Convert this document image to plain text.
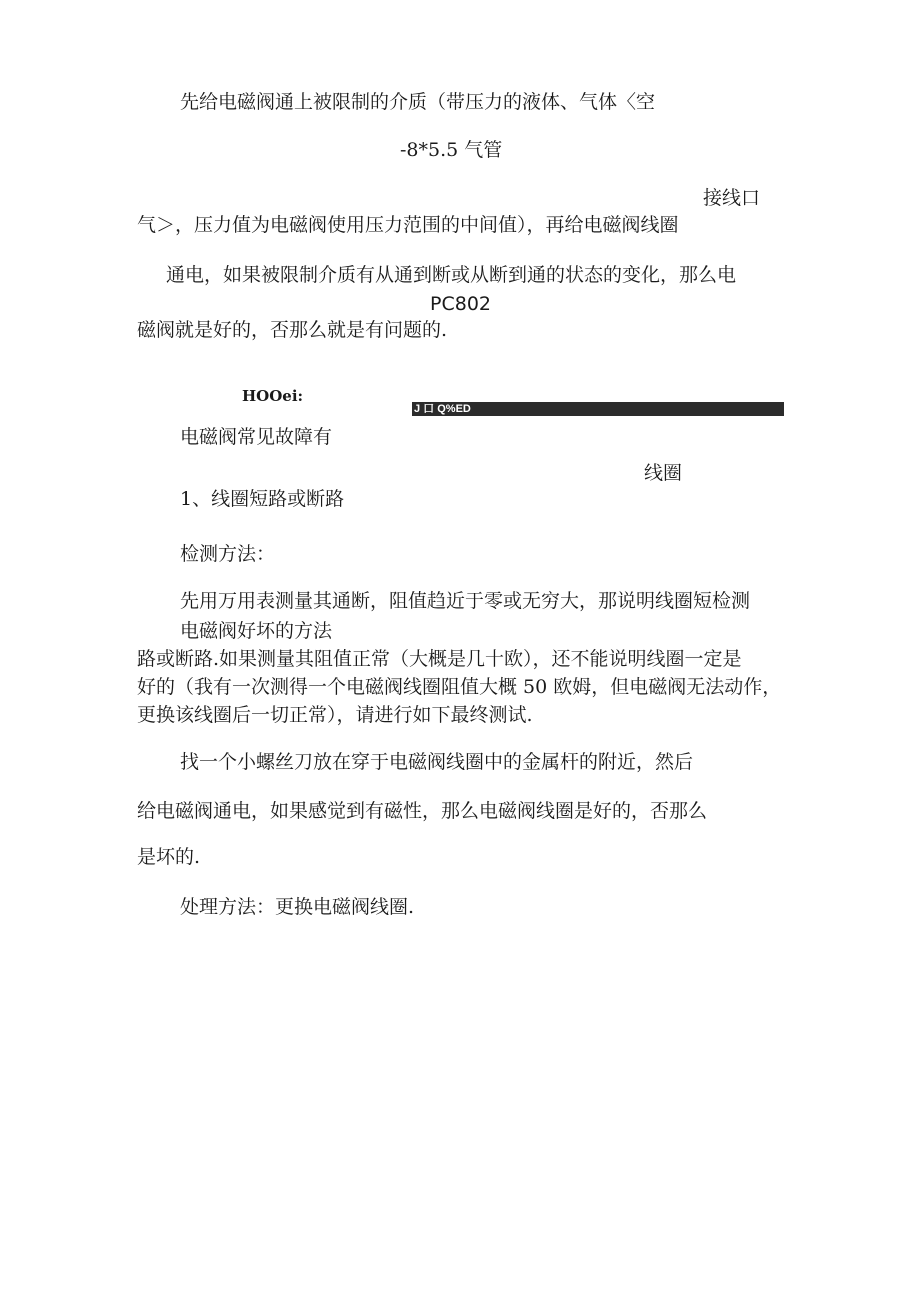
先给电磁阀通上被限制的介质（带压力的液体、气体〈空
-8*5.5 气管
接线口
气＞，压力值为电磁阀使用压力范围的中间值），再给电磁阀线圈
通电，如果被限制介质有从通到断或从断到通的状态的变化，那么电
PC802
磁阀就是好的，否那么就是有问题的.
HOOei:
J 口 Q%ED
电磁阀常见故障有
线圈
1、线圈短路或断路
检测方法：
先用万用表测量其通断，阻值趋近于零或无穷大，那说明线圈短检测
电磁阀好坏的方法
路或断路.如果测量其阻值正常（大概是几十欧），还不能说明线圈一定是
好的（我有一次测得一个电磁阀线圈阻值大概 50 欧姆，但电磁阀无法动作，
更换该线圈后一切正常），请进行如下最终测试.
找一个小螺丝刀放在穿于电磁阀线圈中的金属杆的附近，然后
给电磁阀通电，如果感觉到有磁性，那么电磁阀线圈是好的，否那么
是坏的.
处理方法：更换电磁阀线圈.
